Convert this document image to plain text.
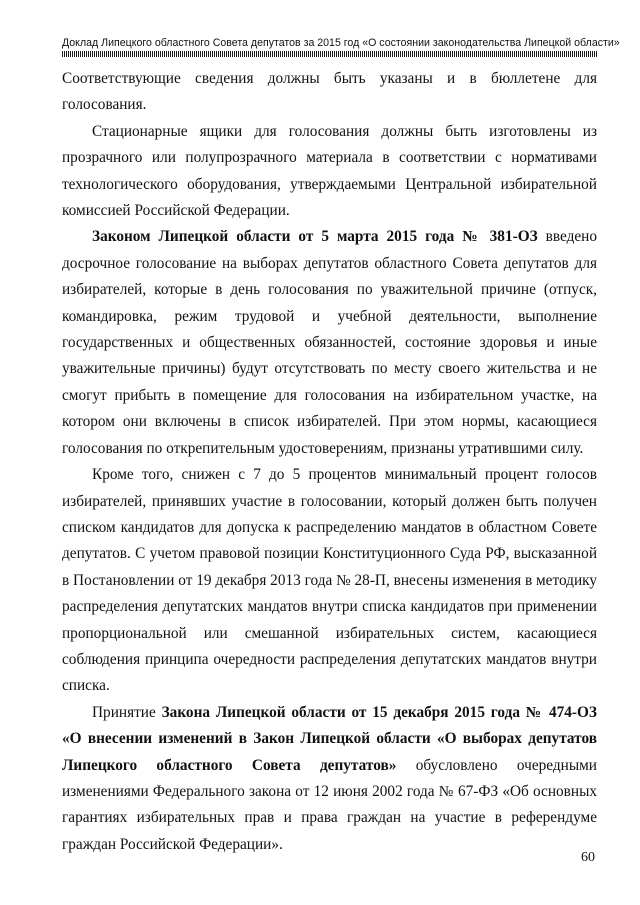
Доклад Липецкого областного Совета депутатов за 2015 год «О состоянии законодательства Липецкой области»

Соответствующие сведения должны быть указаны и в бюллетене для голосования.

Стационарные ящики для голосования должны быть изготовлены из прозрачного или полупрозрачного материала в соответствии с нормативами технологического оборудования, утверждаемыми Центральной избирательной комиссией Российской Федерации.

Законом Липецкой области от 5 марта 2015 года № 381-ОЗ введено досрочное голосование на выборах депутатов областного Совета депутатов для избирателей, которые в день голосования по уважительной причине (отпуск, командировка, режим трудовой и учебной деятельности, выполнение государственных и общественных обязанностей, состояние здоровья и иные уважительные причины) будут отсутствовать по месту своего жительства и не смогут прибыть в помещение для голосования на избирательном участке, на котором они включены в список избирателей. При этом нормы, касающиеся голосования по открепительным удостоверениям, признаны утратившими силу.

Кроме того, снижен с 7 до 5 процентов минимальный процент голосов избирателей, принявших участие в голосовании, который должен быть получен списком кандидатов для допуска к распределению мандатов в областном Совете депутатов. С учетом правовой позиции Конституционного Суда РФ, высказанной в Постановлении от 19 декабря 2013 года № 28-П, внесены изменения в методику распределения депутатских мандатов внутри списка кандидатов при применении пропорциональной или смешанной избирательных систем, касающиеся соблюдения принципа очередности распределения депутатских мандатов внутри списка.

Принятие Закона Липецкой области от 15 декабря 2015 года № 474-ОЗ «О внесении изменений в Закон Липецкой области «О выборах депутатов Липецкого областного Совета депутатов» обусловлено очередными изменениями Федерального закона от 12 июня 2002 года № 67-ФЗ «Об основных гарантиях избирательных прав и права граждан на участие в референдуме граждан Российской Федерации».

60
